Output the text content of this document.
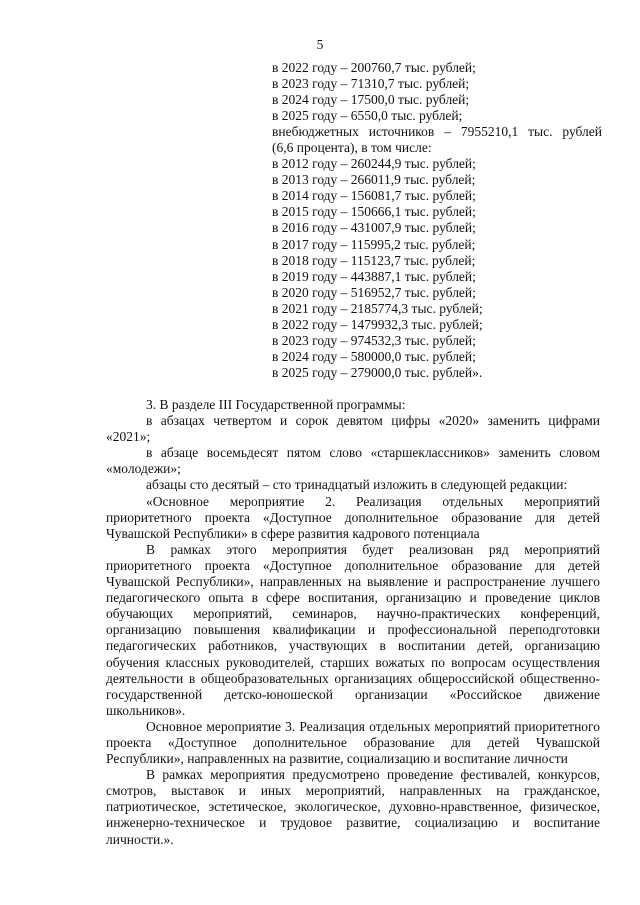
5
в 2022 году – 200760,7 тыс. рублей;
в 2023 году – 71310,7 тыс. рублей;
в 2024 году – 17500,0 тыс. рублей;
в 2025 году – 6550,0 тыс. рублей;
внебюджетных источников – 7955210,1 тыс. рублей
(6,6 процента), в том числе:
в 2012 году – 260244,9 тыс. рублей;
в 2013 году – 266011,9 тыс. рублей;
в 2014 году – 156081,7 тыс. рублей;
в 2015 году – 150666,1 тыс. рублей;
в 2016 году – 431007,9 тыс. рублей;
в 2017 году – 115995,2 тыс. рублей;
в 2018 году – 115123,7 тыс. рублей;
в 2019 году – 443887,1 тыс. рублей;
в 2020 году – 516952,7 тыс. рублей;
в 2021 году – 2185774,3 тыс. рублей;
в 2022 году – 1479932,3 тыс. рублей;
в 2023 году – 974532,3 тыс. рублей;
в 2024 году – 580000,0 тыс. рублей;
в 2025 году – 279000,0 тыс. рублей».

3. В разделе III Государственной программы:

в абзацах четвертом и сорок девятом цифры «2020» заменить цифрами «2021»;

в абзаце восемьдесят пятом слово «старшеклассников» заменить словом «молодежи»;

абзацы сто десятый – сто тринадцатый изложить в следующей редакции:

«Основное мероприятие 2. Реализация отдельных мероприятий приоритетного проекта «Доступное дополнительное образование для детей Чувашской Республики» в сфере развития кадрового потенциала

В рамках этого мероприятия будет реализован ряд мероприятий приоритетного проекта «Доступное дополнительное образование для детей Чувашской Республики», направленных на выявление и распространение лучшего педагогического опыта в сфере воспитания, организацию и проведение циклов обучающих мероприятий, семинаров, научно-практических конференций, организацию повышения квалификации и профессиональной переподготовки педагогических работников, участвующих в воспитании детей, организацию обучения классных руководителей, старших вожатых по вопросам осуществления деятельности в общеобразовательных организациях общероссийской общественно-государственной детско-юношеской организации «Российское движение школьников».

Основное мероприятие 3. Реализация отдельных мероприятий приоритетного проекта «Доступное дополнительное образование для детей Чувашской Республики», направленных на развитие, социализацию и воспитание личности

В рамках мероприятия предусмотрено проведение фестивалей, конкурсов, смотров, выставок и иных мероприятий, направленных на гражданское, патриотическое, эстетическое, экологическое, духовно-нравственное, физическое, инженерно-техническое и трудовое развитие, социализацию и воспитание личности.».
